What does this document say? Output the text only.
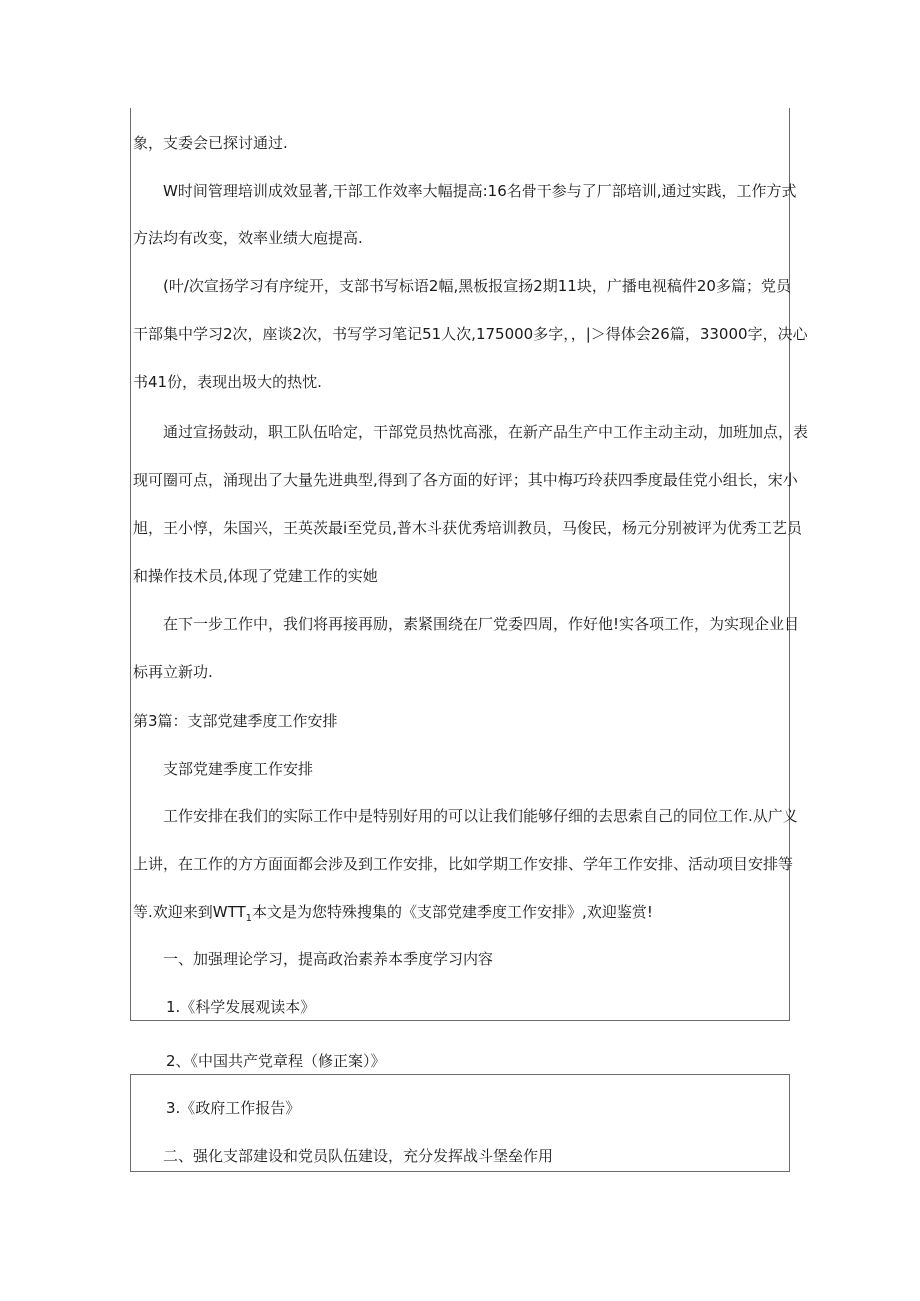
象，支委会已探讨通过.
W时间管理培训成效显著,干部工作效率大幅提高:16名骨干参与了厂部培训,通过实践，工作方式
方法均有改变，效率业绩大庖提高.
(叶/次宣扬学习有序绽开，支部书写标语2幅,黑板报宣扬2期11块，广播电视稿件20多篇；党员
干部集中学习2次，座谈2次，书写学习笔记51人次,175000多字，，|＞得体会26篇，33000字，决心
书41份，表现出圾大的热忱.
通过宣扬鼓动，职工队伍哈定，干部党员热忱高涨，在新产品生产中工作主动主动，加班加点，表
现可圈可点，涌现出了大量先进典型,得到了各方面的好评；其中梅巧玲获四季度最佳党小组长，宋小
旭，王小惇，朱国兴，王英茨最i至党员,普木斗获优秀培训教员，马俊民，杨元分别被评为优秀工艺员
和操作技术员,体现了党建工作的实她
在下一步工作中，我们将再接再励，素紧围绕在厂党委四周，作好他!实各项工作，为实现企业目
标再立新功.
第3篇：支部党建季度工作安排
支部党建季度工作安排
工作安排在我们的实际工作中是特别好用的可以让我们能够仔细的去思索自己的同位工作.从广义
上讲，在工作的方方面面都会涉及到工作安排，比如学期工作安排、学年工作安排、活动项目安排等
等.欢迎来到$WTT_1$本文是为您特殊搜集的《支部党建季度工作安排》,欢迎鉴赏!
一、加强理论学习，提高政治素养本季度学习内容
1.《科学发展观读本》
2、《中国共产党章程（修正案）》
3.《政府工作报告》
二、强化支部建设和党员队伍建设，充分发挥战斗堡垒作用
